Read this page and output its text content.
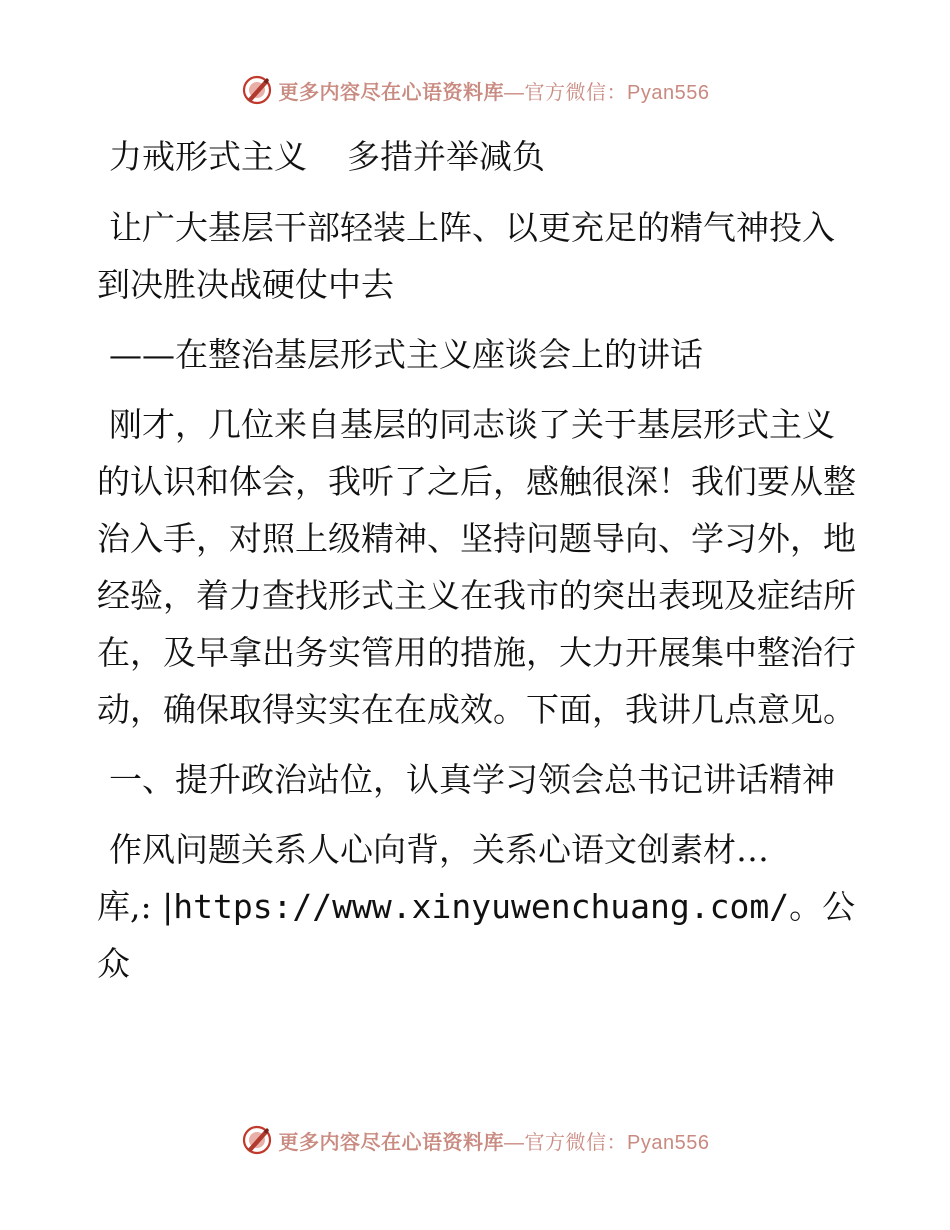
更多内容尽在心语资料库—官方微信：Pyan556
力戒形式主义 多措并举减负
让广大基层干部轻装上阵、以更充足的精气神投入到决胜决战硬仗中去
——在整治基层形式主义座谈会上的讲话
刚才，几位来自基层的同志谈了关于基层形式主义的认识和体会，我听了之后，感触很深！我们要从整治入手，对照上级精神、坚持问题导向、学习外，地经验，着力查找形式主义在我市的突出表现及症结所在，及早拿出务实管用的措施，大力开展集中整治行动，确保取得实实在在成效。下面，我讲几点意见。
一、提升政治站位，认真学习领会总书记讲话精神
作风问题关系人心向背，关系心语文创素材…
库,: |https://www.xinyuwenchuang.com/。公众
更多内容尽在心语资料库—官方微信：Pyan556
